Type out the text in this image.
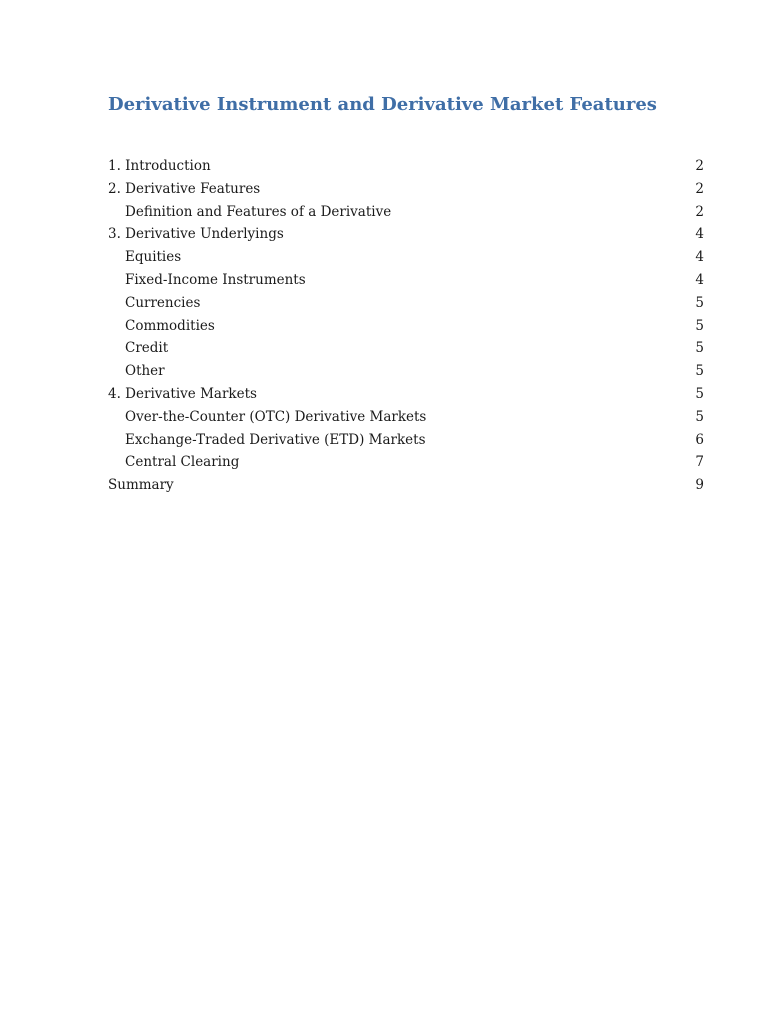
Derivative Instrument and Derivative Market Features
1. Introduction	2
2. Derivative Features	2
Definition and Features of a Derivative	2
3. Derivative Underlyings	4
Equities	4
Fixed-Income Instruments	4
Currencies	5
Commodities	5
Credit	5
Other	5
4. Derivative Markets	5
Over-the-Counter (OTC) Derivative Markets	5
Exchange-Traded Derivative (ETD) Markets	6
Central Clearing	7
Summary	9
